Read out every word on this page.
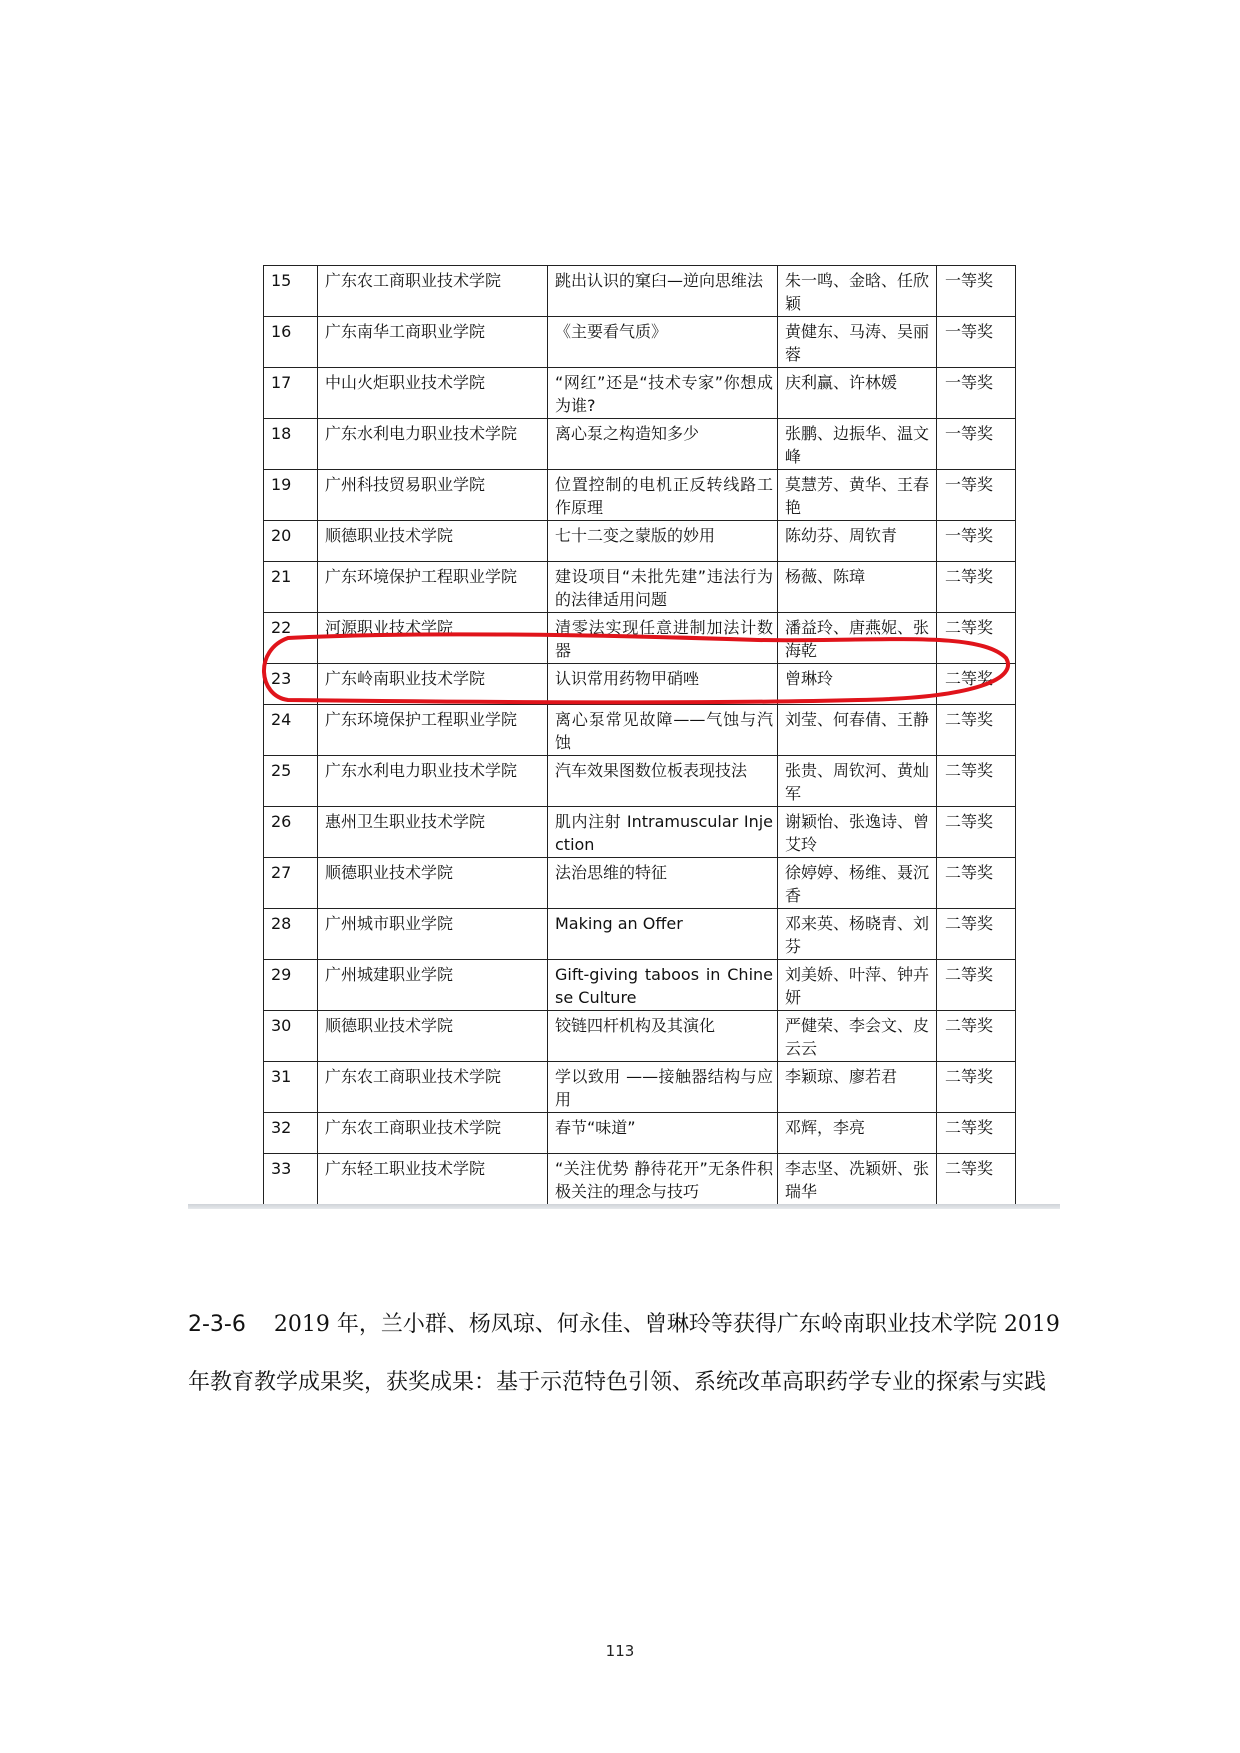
15	广东农工商职业技术学院	跳出认识的窠臼—逆向思维法	朱一鸣、金晗、任欣颖	一等奖
16	广东南华工商职业学院	《主要看气质》	黄健东、马涛、吴丽蓉	一等奖
17	中山火炬职业技术学院	“网红”还是“技术专家”你想成为谁?	庆利赢、许林媛	一等奖
18	广东水利电力职业技术学院	离心泵之构造知多少	张鹏、边振华、温文峰	一等奖
19	广州科技贸易职业学院	位置控制的电机正反转线路工作原理	莫慧芳、黄华、王春艳	一等奖
20	顺德职业技术学院	七十二变之蒙版的妙用	陈幼芬、周钦青	一等奖
21	广东环境保护工程职业学院	建设项目“未批先建”违法行为的法律适用问题	杨薇、陈璋	二等奖
22	河源职业技术学院	清零法实现任意进制加法计数器	潘益玲、唐燕妮、张海乾	二等奖
23	广东岭南职业技术学院	认识常用药物甲硝唑	曾琳玲	二等奖
24	广东环境保护工程职业学院	离心泵常见故障——气蚀与汽蚀	刘莹、何春倩、王静	二等奖
25	广东水利电力职业技术学院	汽车效果图数位板表现技法	张贵、周钦河、黄灿军	二等奖
26	惠州卫生职业技术学院	肌内注射 Intramuscular Injection	谢颖怡、张逸诗、曾艾玲	二等奖
27	顺德职业技术学院	法治思维的特征	徐婷婷、杨维、聂沉香	二等奖
28	广州城市职业学院	Making an Offer	邓来英、杨晓青、刘芬	二等奖
29	广州城建职业学院	Gift-giving taboos in Chinese Culture	刘美娇、叶萍、钟卉妍	二等奖
30	顺德职业技术学院	铰链四杆机构及其演化	严健荣、李会文、皮云云	二等奖
31	广东农工商职业技术学院	学以致用 ——接触器结构与应用	李颖琼、廖若君	二等奖
32	广东农工商职业技术学院	春节“味道”	邓辉，李亮	二等奖
33	广东轻工职业技术学院	“关注优势 静待花开”无条件积极关注的理念与技巧	李志坚、冼颖妍、张瑞华	二等奖
2-3-6 2019 年，兰小群、杨凤琼、何永佳、曾琳玲等获得广东岭南职业技术学院 2019 年教育教学成果奖，获奖成果：基于示范特色引领、系统改革高职药学专业的探索与实践
113
